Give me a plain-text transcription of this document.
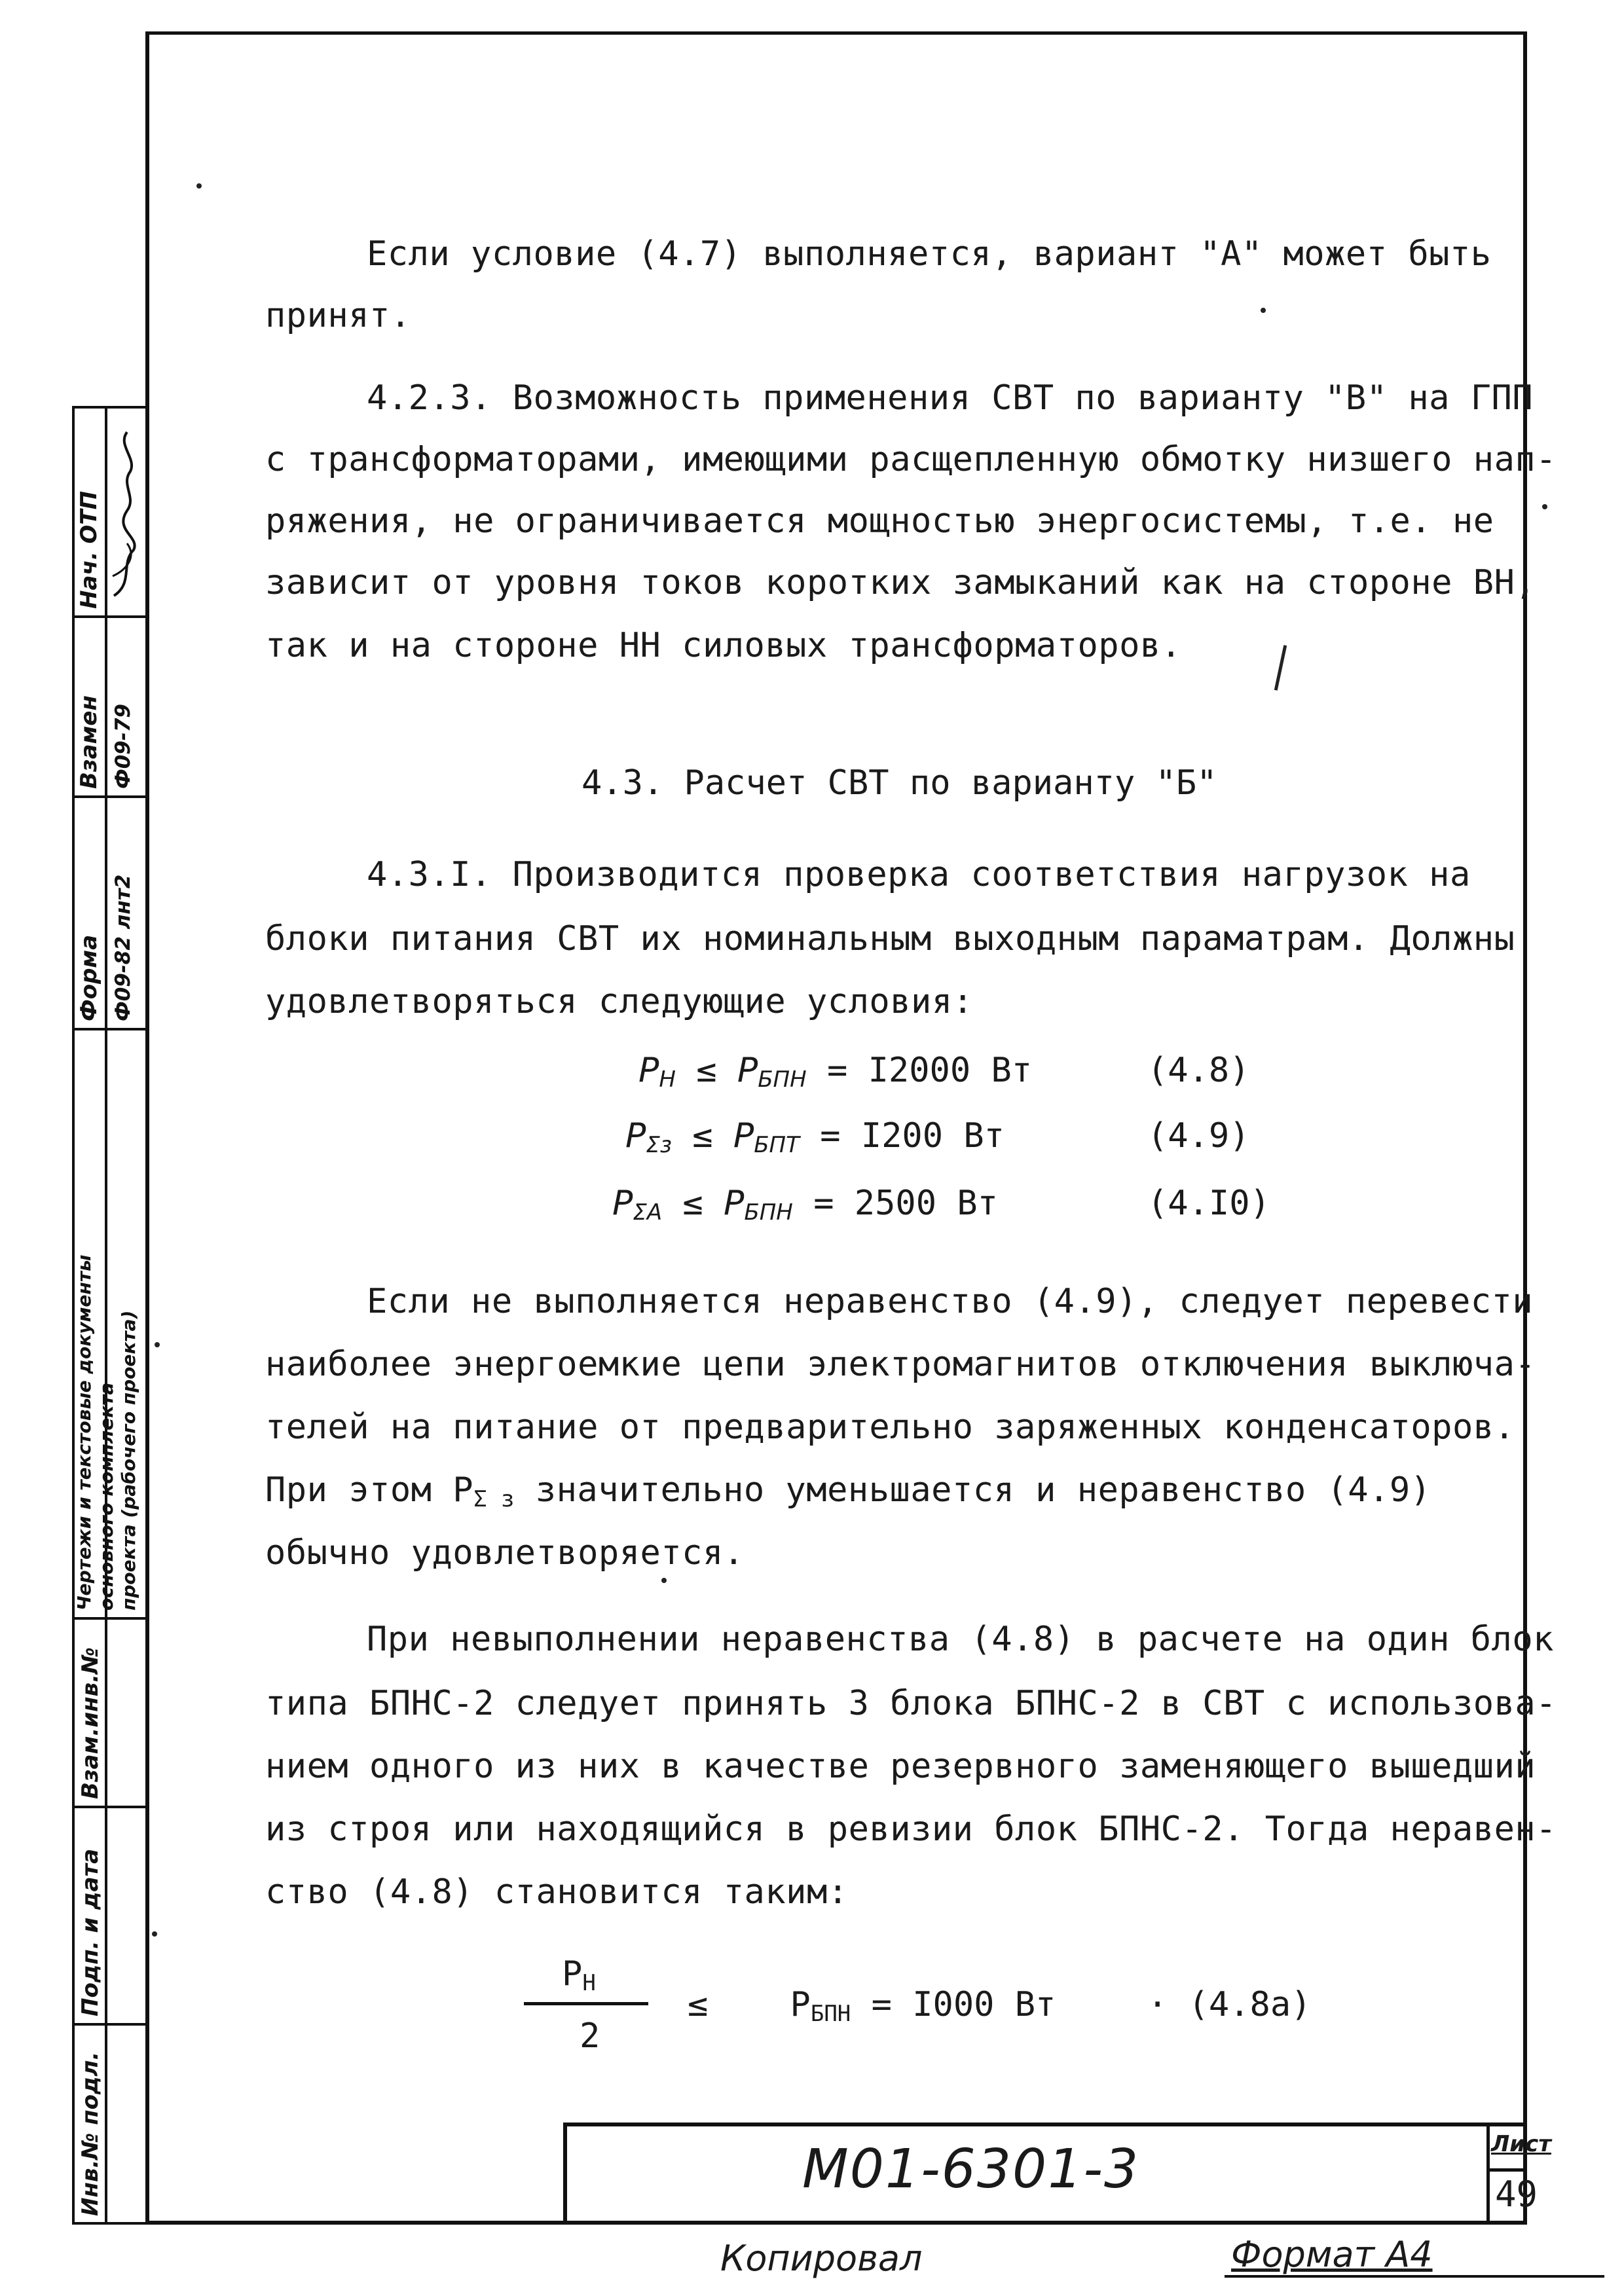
Инв.№ подл.
Подп. и дата
Взам.инв.№
Чертежи и текстовые документы основного комплекта проекта (рабочего проекта)
Форма Ф09-82 лнт2
Взамен Ф09-79
Нач. ОТП
Если условие (4.7) выполняется, вариант "А" может быть
принят.
4.2.3. Возможность применения СВТ по варианту "В" на ГПП
с трансформаторами, имеющими расщепленную обмотку низшего нап-
ряжения, не ограничивается мощностью энергосистемы, т.е. не
зависит от уровня токов коротких замыканий как на стороне ВН,
так и на стороне НН силовых трансформаторов.
4.3. Расчет СВТ по варианту "Б"
4.3.I. Производится проверка соответствия нагрузок на
блоки питания СВТ их номинальным выходным параматрам. Должны
удовлетворяться следующие условия:
$P_Н \le P_{БПН} = I2000$ Вт	(4.8)
$P_{\Sigma з} \le P_{БПТ} = I200$ Вт	(4.9)
$P_{\Sigma А} \le P_{БПН} = 2500$ Вт	(4.I0)
Если не выполняется неравенство (4.9), следует перевести
наиболее энергоемкие цепи электромагнитов отключения выключа-
телей на питание от предварительно заряженных конденсаторов.
При этом $P_{\Sigma з}$ значительно уменьшается и неравенство (4.9)
обычно удовлетворяется.
При невыполнении неравенства (4.8) в расчете на один блок
типа БПНС-2 следует принять 3 блока БПНС-2 в СВТ с использова-
нием одного из них в качестве резервного заменяющего вышедший
из строя или находящийся в ревизии блок БПНС-2. Тогда неравен-
ство (4.8) становится таким:
$P_Н$
2
≤ $P_{БПН} = I000$ Вт	· (4.8а)
М01-6301-3	Лист
49
Копировал	Формат А4
